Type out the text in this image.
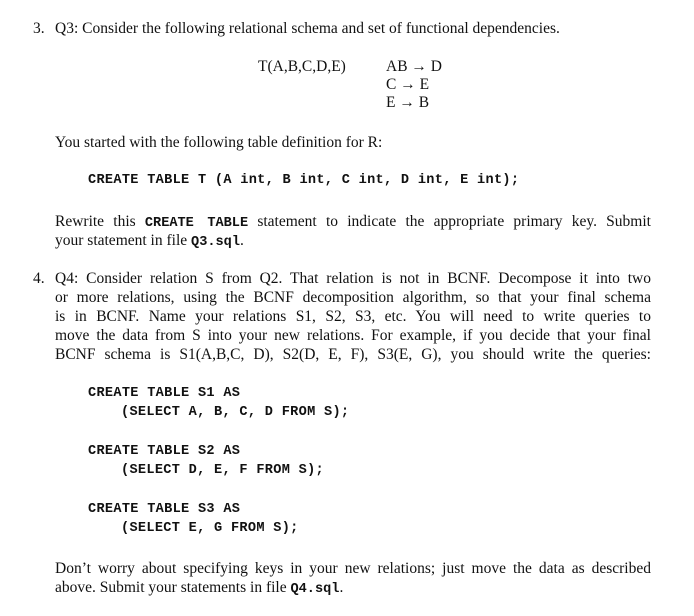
3. Q3: Consider the following relational schema and set of functional dependencies.
T(A,B,C,D,E)	AB → D
C → E
E → B
You started with the following table definition for R:
CREATE TABLE T (A int, B int, C int, D int, E int);
Rewrite this CREATE TABLE statement to indicate the appropriate primary key. Submit
your statement in file Q3.sql.
4. Q4: Consider relation S from Q2. That relation is not in BCNF. Decompose it into two
or more relations, using the BCNF decomposition algorithm, so that your final schema
is in BCNF. Name your relations S1, S2, S3, etc. You will need to write queries to
move the data from S into your new relations. For example, if you decide that your final
BCNF schema is S1(A,B,C, D), S2(D, E, F), S3(E, G), you should write the queries:
CREATE TABLE S1 AS
(SELECT A, B, C, D FROM S);
CREATE TABLE S2 AS
(SELECT D, E, F FROM S);
CREATE TABLE S3 AS
(SELECT E, G FROM S);
Don’t worry about specifying keys in your new relations; just move the data as described
above. Submit your statements in file Q4.sql.
